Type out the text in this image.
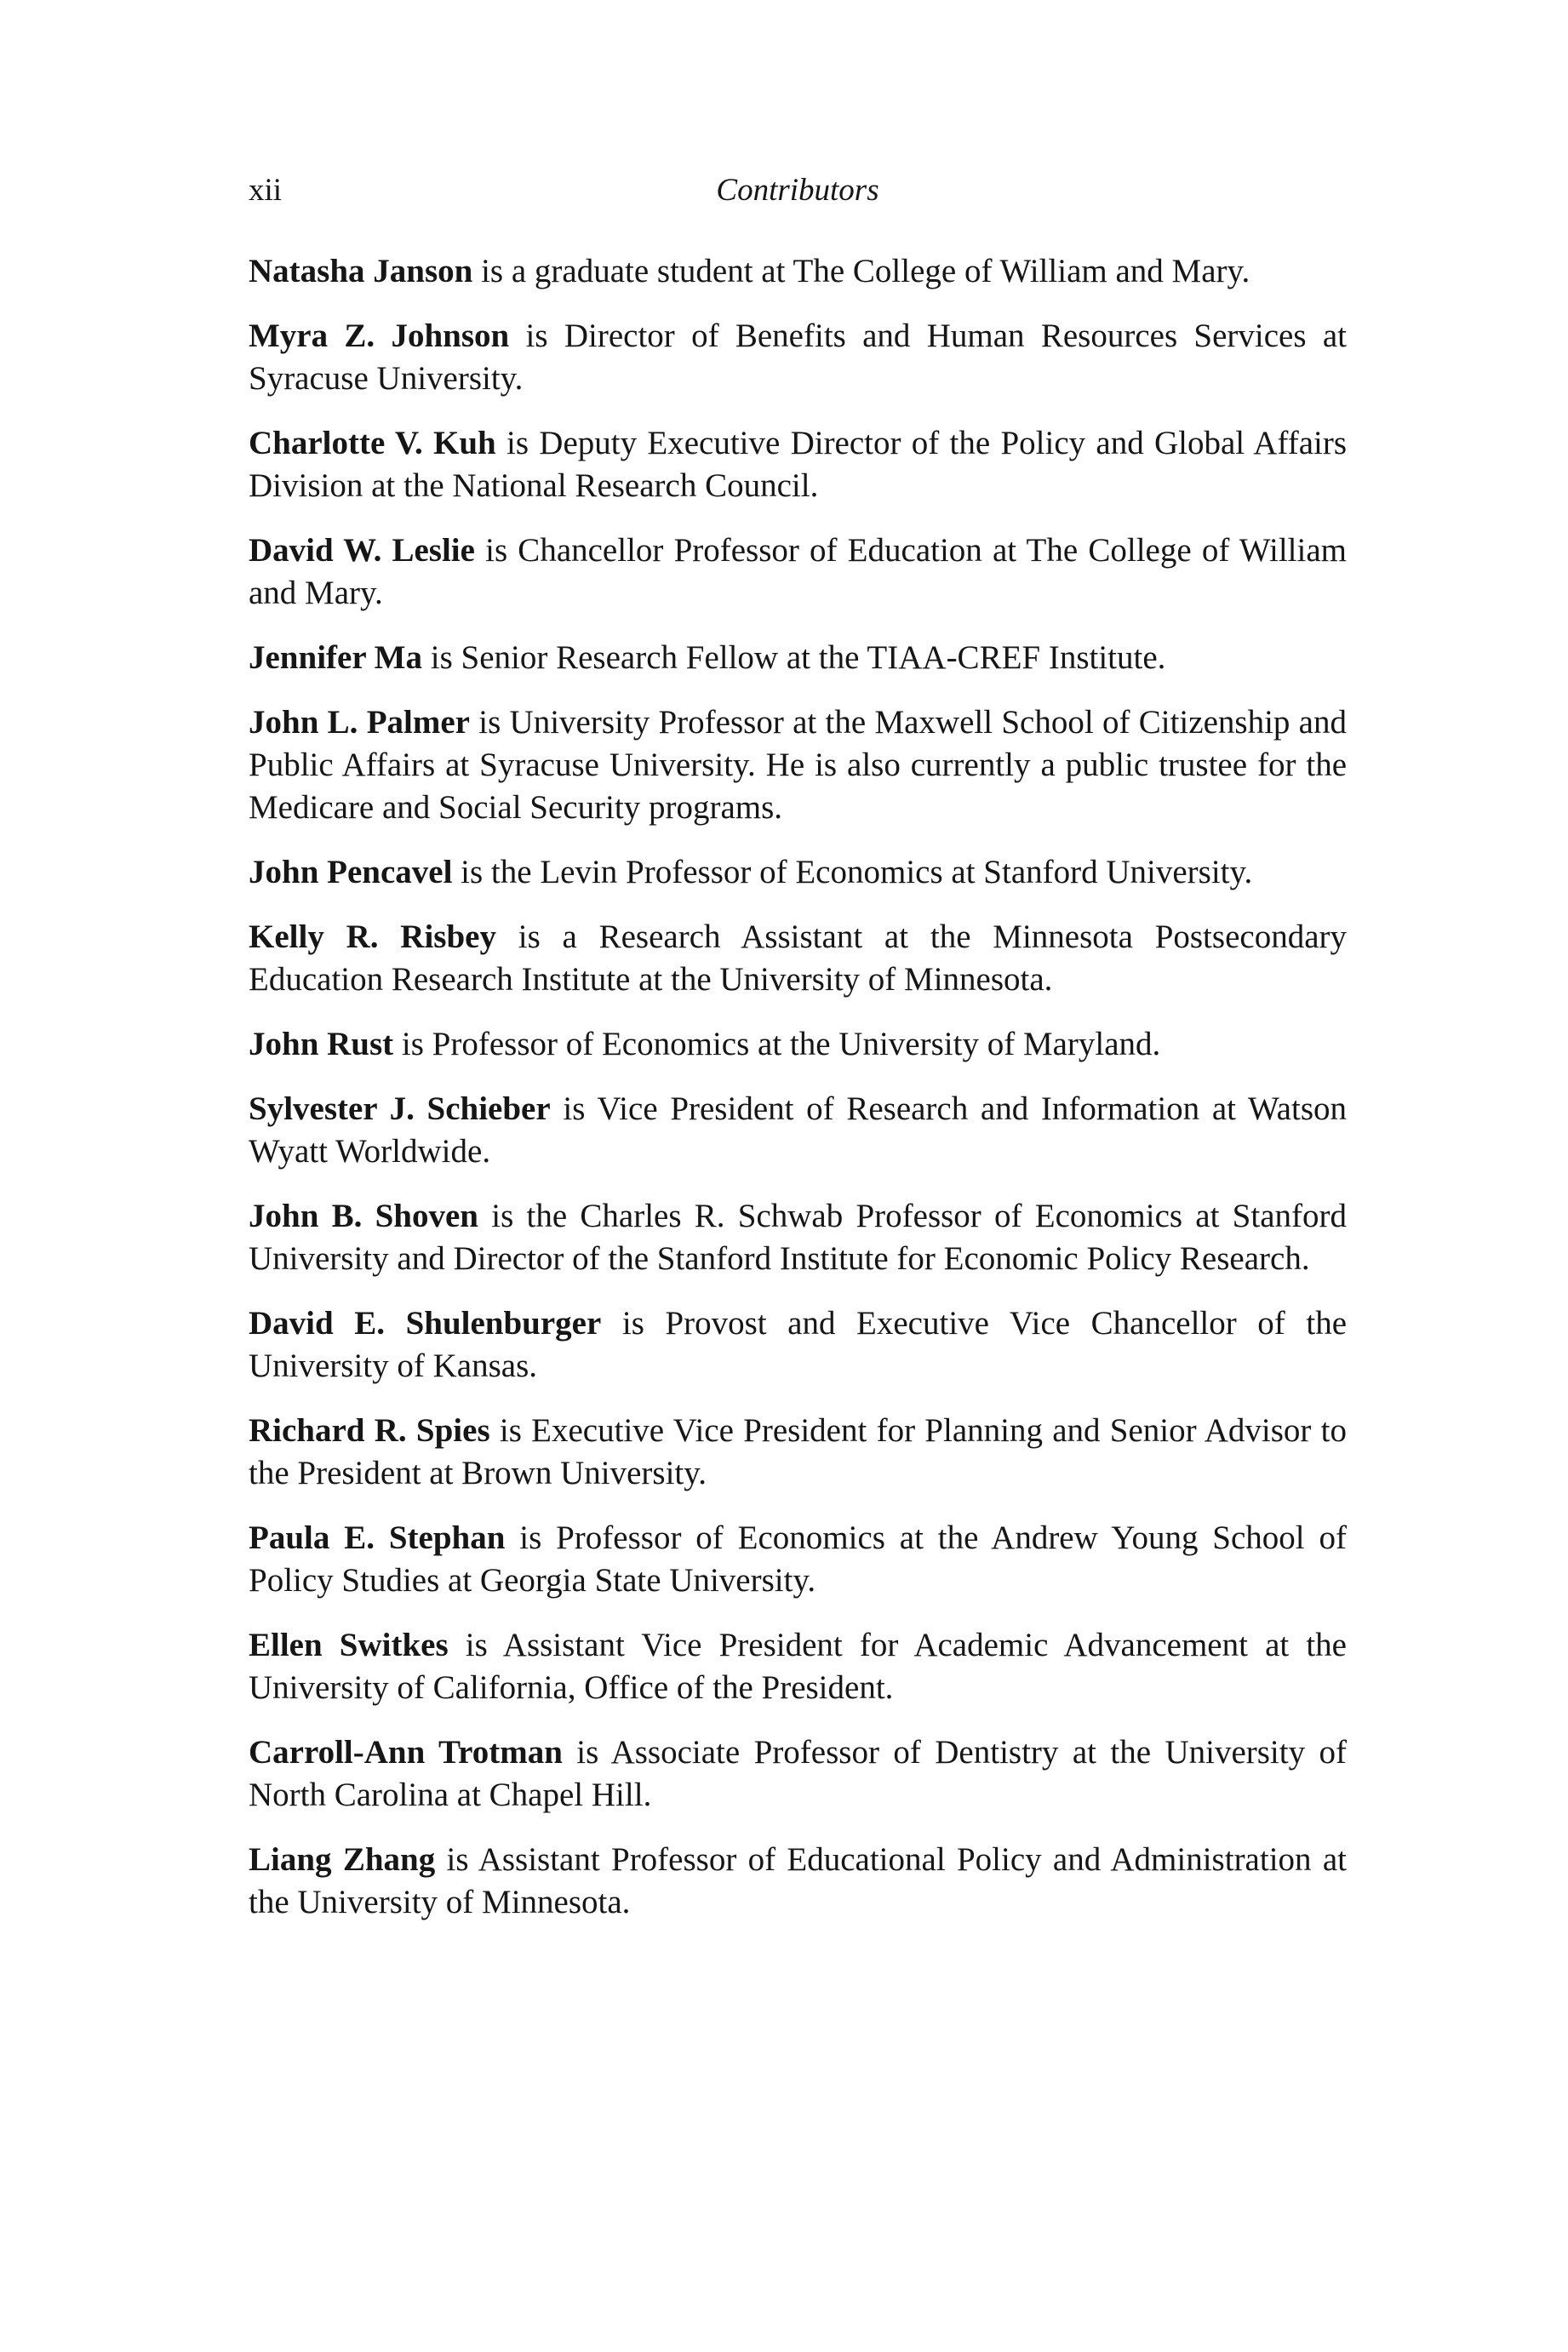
xii	Contributors
Natasha Janson is a graduate student at The College of William and Mary.
Myra Z. Johnson is Director of Benefits and Human Resources Services at Syracuse University.
Charlotte V. Kuh is Deputy Executive Director of the Policy and Global Affairs Division at the National Research Council.
David W. Leslie is Chancellor Professor of Education at The College of William and Mary.
Jennifer Ma is Senior Research Fellow at the TIAA-CREF Institute.
John L. Palmer is University Professor at the Maxwell School of Citizenship and Public Affairs at Syracuse University. He is also currently a public trustee for the Medicare and Social Security programs.
John Pencavel is the Levin Professor of Economics at Stanford University.
Kelly R. Risbey is a Research Assistant at the Minnesota Postsecondary Education Research Institute at the University of Minnesota.
John Rust is Professor of Economics at the University of Maryland.
Sylvester J. Schieber is Vice President of Research and Information at Watson Wyatt Worldwide.
John B. Shoven is the Charles R. Schwab Professor of Economics at Stanford University and Director of the Stanford Institute for Economic Policy Research.
David E. Shulenburger is Provost and Executive Vice Chancellor of the University of Kansas.
Richard R. Spies is Executive Vice President for Planning and Senior Advisor to the President at Brown University.
Paula E. Stephan is Professor of Economics at the Andrew Young School of Policy Studies at Georgia State University.
Ellen Switkes is Assistant Vice President for Academic Advancement at the University of California, Office of the President.
Carroll-Ann Trotman is Associate Professor of Dentistry at the University of North Carolina at Chapel Hill.
Liang Zhang is Assistant Professor of Educational Policy and Administration at the University of Minnesota.
